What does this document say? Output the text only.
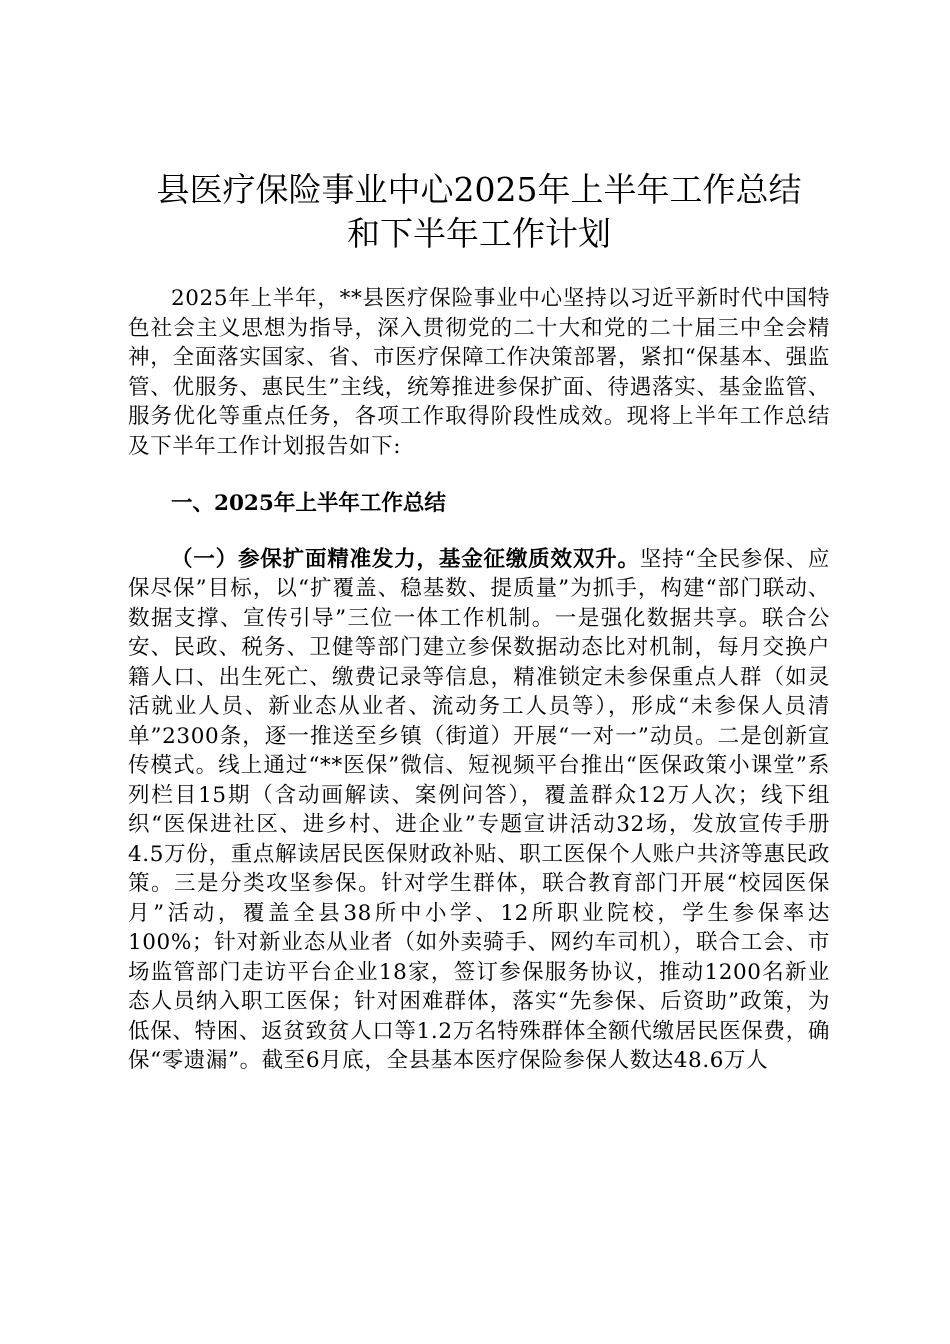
县医疗保险事业中心2025年上半年工作总结
和下半年工作计划

2025年上半年，**县医疗保险事业中心坚持以习近平新时代中国特色社会主义思想为指导，深入贯彻党的二十大和党的二十届三中全会精神，全面落实国家、省、市医疗保障工作决策部署，紧扣“保基本、强监管、优服务、惠民生”主线，统筹推进参保扩面、待遇落实、基金监管、服务优化等重点任务，各项工作取得阶段性成效。现将上半年工作总结及下半年工作计划报告如下:

一、2025年上半年工作总结

（一）参保扩面精准发力，基金征缴质效双升。坚持“全民参保、应保尽保”目标，以“扩覆盖、稳基数、提质量”为抓手，构建“部门联动、数据支撑、宣传引导”三位一体工作机制。一是强化数据共享。联合公安、民政、税务、卫健等部门建立参保数据动态比对机制，每月交换户籍人口、出生死亡、缴费记录等信息，精准锁定未参保重点人群（如灵活就业人员、新业态从业者、流动务工人员等），形成“未参保人员清单”2300条，逐一推送至乡镇（街道）开展“一对一”动员。二是创新宣传模式。线上通过“**医保”微信、短视频平台推出“医保政策小课堂”系列栏目15期（含动画解读、案例问答），覆盖群众12万人次；线下组织“医保进社区、进乡村、进企业”专题宣讲活动32场，发放宣传手册4.5万份，重点解读居民医保财政补贴、职工医保个人账户共济等惠民政策。三是分类攻坚参保。针对学生群体，联合教育部门开展“校园医保月”活动，覆盖全县38所中小学、12所职业院校，学生参保率达100%；针对新业态从业者（如外卖骑手、网约车司机），联合工会、市场监管部门走访平台企业18家，签订参保服务协议，推动1200名新业态人员纳入职工医保；针对困难群体，落实“先参保、后资助”政策，为低保、特困、返贫致贫人口等1.2万名特殊群体全额代缴居民医保费，确保“零遗漏”。截至6月底，全县基本医疗保险参保人数达48.6万人
